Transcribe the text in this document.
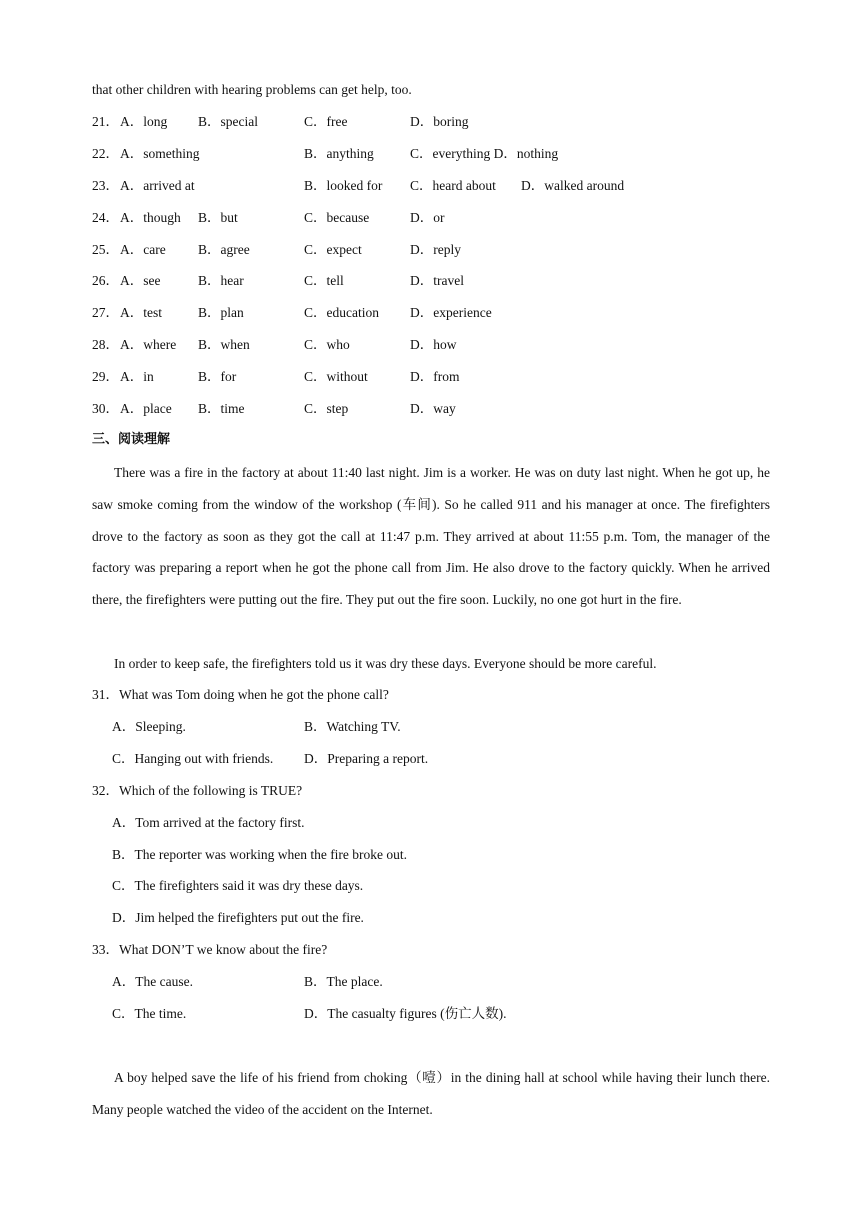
that other children with hearing problems can get help, too.
21． A．long B．special	C．free	D．boring
22． A．something	B．anything	C．everything D．nothing
23． A．arrived at	B．looked for C．heard about D．walked around
24． A．though B．but	C．because	D．or
25． A．care B．agree	C．expect	D．reply
26． A．see	B．hear	C．tell	D．travel
27． A．test	B．plan	C．education D．experience
28． A．where B．when	C．who	D．how
29． A．in	B．for	C．without	D．from
30． A．place B．time	C．step	D．way
三、阅读理解
There was a fire in the factory at about 11:40 last night. Jim is a worker. He was on duty last night. When he got up, he saw smoke coming from the window of the workshop (车间). So he called 911 and his manager at once. The firefighters drove to the factory as soon as they got the call at 11:47 p.m. They arrived at about 11:55 p.m. Tom, the manager of the factory was preparing a report when he got the phone call from Jim. He also drove to the factory quickly. When he arrived there, the firefighters were putting out the fire. They put out the fire soon. Luckily, no one got hurt in the fire.
In order to keep safe, the firefighters told us it was dry these days. Everyone should be more careful.
31．What was Tom doing when he got the phone call?
A．Sleeping.	B．Watching TV.
C．Hanging out with friends. D．Preparing a report.
32．Which of the following is TRUE?
A．Tom arrived at the factory first.
B．The reporter was working when the fire broke out.
C．The firefighters said it was dry these days.
D．Jim helped the firefighters put out the fire.
33．What DON’T we know about the fire?
A．The cause.	B．The place.
C．The time.	D．The casualty figures (伤亡人数).
A boy helped save the life of his friend from choking（噎）in the dining hall at school while having their lunch there. Many people watched the video of the accident on the Internet.
